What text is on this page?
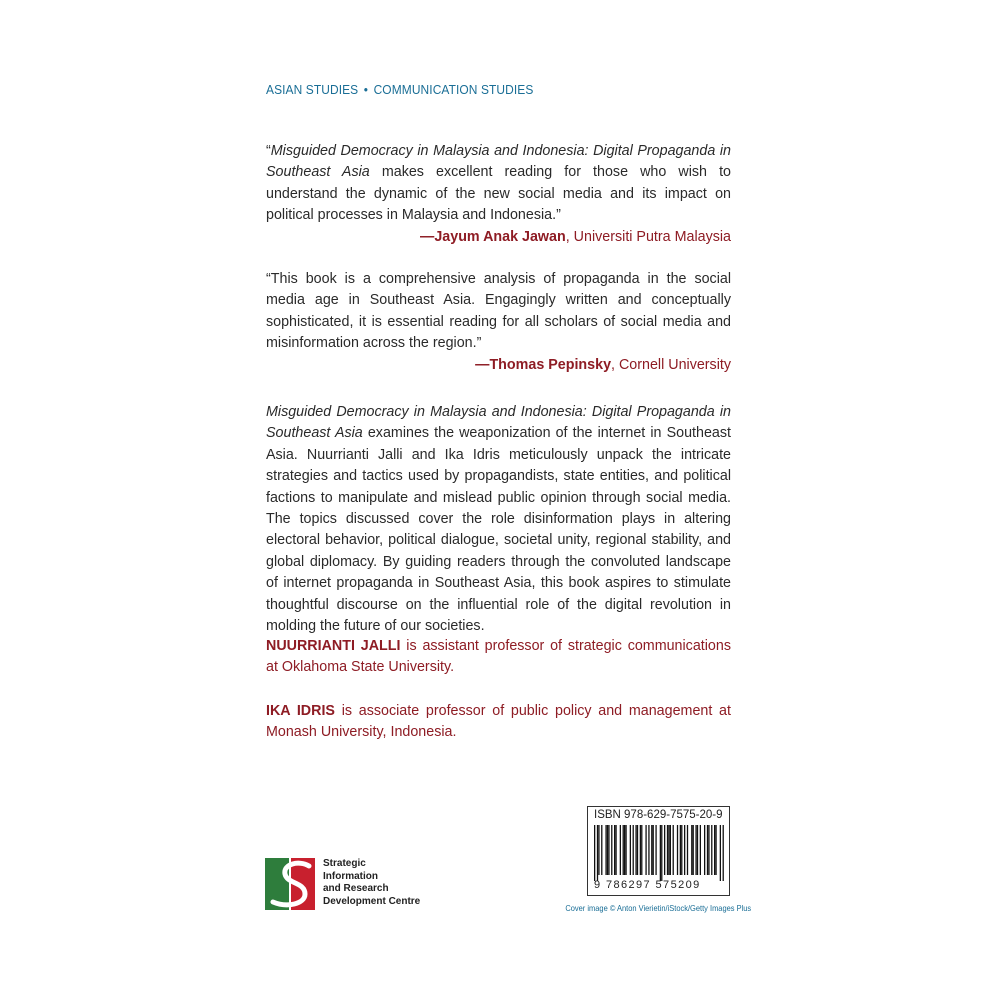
ASIAN STUDIES • COMMUNICATION STUDIES
“Misguided Democracy in Malaysia and Indonesia: Digital Propaganda in Southeast Asia makes excellent reading for those who wish to understand the dynamic of the new social media and its impact on political processes in Malaysia and Indonesia.”
—Jayum Anak Jawan, Universiti Putra Malaysia
“This book is a comprehensive analysis of propaganda in the social media age in Southeast Asia. Engagingly written and conceptually sophisticated, it is essential reading for all scholars of social media and misinformation across the region.”
—Thomas Pepinsky, Cornell University
Misguided Democracy in Malaysia and Indonesia: Digital Propaganda in Southeast Asia examines the weaponization of the internet in Southeast Asia. Nuurrianti Jalli and Ika Idris meticulously unpack the intricate strategies and tactics used by propagandists, state entities, and political factions to manipulate and mislead public opinion through social media. The topics discussed cover the role disinformation plays in altering electoral behavior, political dialogue, societal unity, regional stability, and global diplomacy. By guiding readers through the convoluted landscape of internet propaganda in Southeast Asia, this book aspires to stimulate thoughtful discourse on the influential role of the digital revolution in molding the future of our societies.
NUURRIANTI JALLI is assistant professor of strategic communications at Oklahoma State University.
IKA IDRIS is associate professor of public policy and management at Monash University, Indonesia.
Strategic
Information
and Research
Development Centre
ISBN 978-629-7575-20-9
9 786297 575209
Cover image © Anton Vierietin/iStock/Getty Images Plus
